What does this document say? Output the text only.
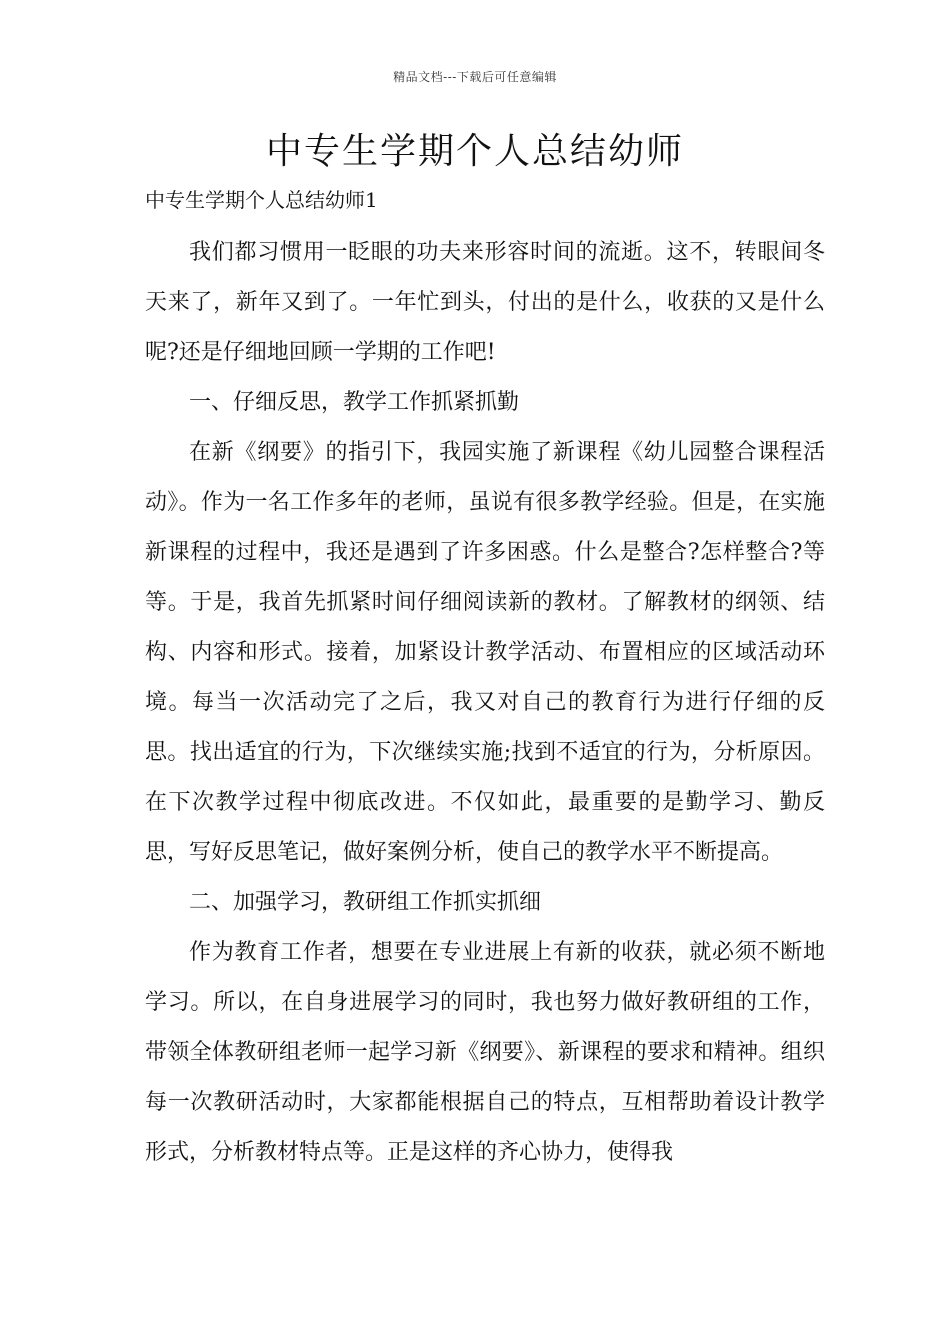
精品文档---下载后可任意编辑
中专生学期个人总结幼师

中专生学期个人总结幼师1

我们都习惯用一眨眼的功夫来形容时间的流逝。这不，转眼间冬天来了，新年又到了。一年忙到头，付出的是什么，收获的又是什么呢?还是仔细地回顾一学期的工作吧!

一、仔细反思，教学工作抓紧抓勤

在新《纲要》的指引下，我园实施了新课程《幼儿园整合课程活动》。作为一名工作多年的老师，虽说有很多教学经验。但是，在实施新课程的过程中，我还是遇到了许多困惑。什么是整合?怎样整合?等等。于是，我首先抓紧时间仔细阅读新的教材。了解教材的纲领、结构、内容和形式。接着，加紧设计教学活动、布置相应的区域活动环境。每当一次活动完了之后，我又对自己的教育行为进行仔细的反思。找出适宜的行为，下次继续实施;找到不适宜的行为，分析原因。在下次教学过程中彻底改进。不仅如此，最重要的是勤学习、勤反思，写好反思笔记，做好案例分析，使自己的教学水平不断提高。

二、加强学习，教研组工作抓实抓细

作为教育工作者，想要在专业进展上有新的收获，就必须不断地学习。所以，在自身进展学习的同时，我也努力做好教研组的工作，带领全体教研组老师一起学习新《纲要》、新课程的要求和精神。组织每一次教研活动时，大家都能根据自己的特点，互相帮助着设计教学形式，分析教材特点等。正是这样的齐心协力，使得我
